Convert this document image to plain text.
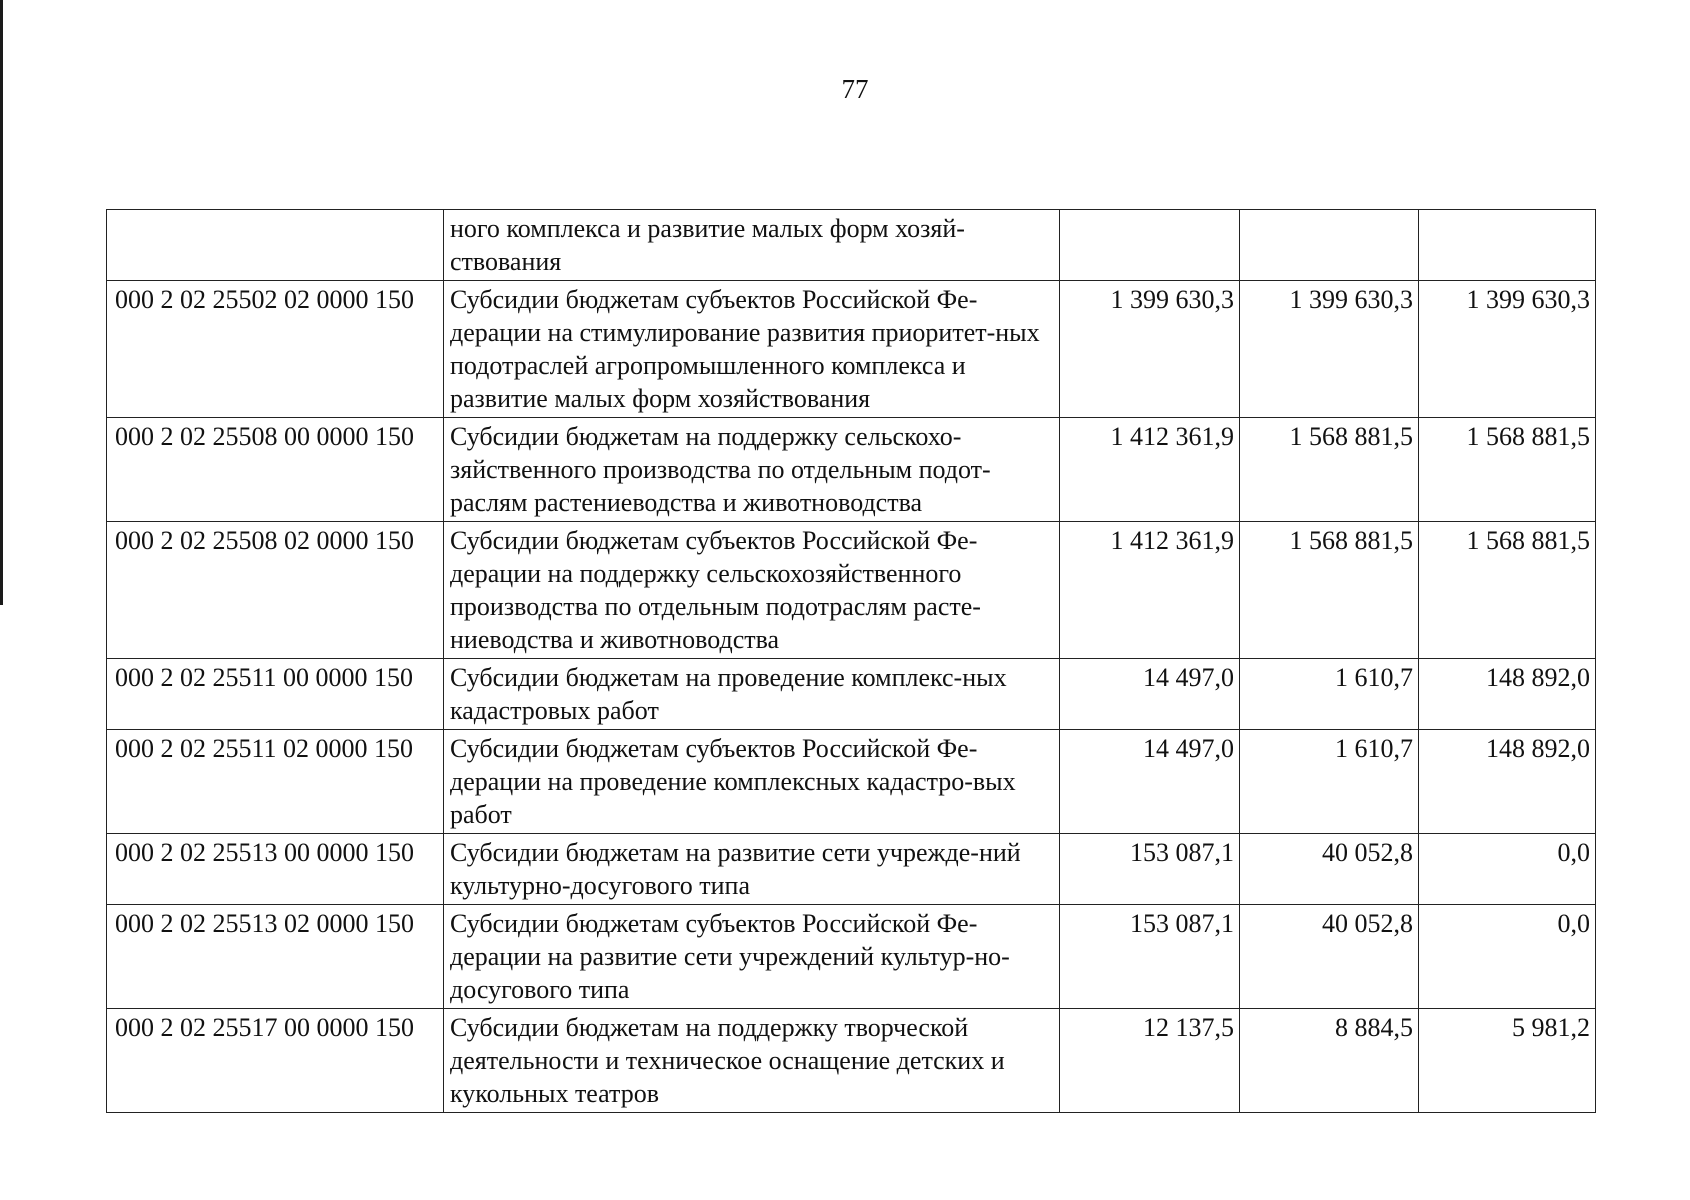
77
	ного комплекса и развитие малых форм хозяй-ствования			
000 2 02 25502 02 0000 150	Субсидии бюджетам субъектов Российской Фе-дерации на стимулирование развития приоритет-ных подотраслей агропромышленного комплекса и развитие малых форм хозяйствования	1 399 630,3	1 399 630,3	1 399 630,3
000 2 02 25508 00 0000 150	Субсидии бюджетам на поддержку сельскохо-зяйственного производства по отдельным подот-раслям растениеводства и животноводства	1 412 361,9	1 568 881,5	1 568 881,5
000 2 02 25508 02 0000 150	Субсидии бюджетам субъектов Российской Фе-дерации на поддержку сельскохозяйственного производства по отдельным подотраслям расте-ниеводства и животноводства	1 412 361,9	1 568 881,5	1 568 881,5
000 2 02 25511 00 0000 150	Субсидии бюджетам на проведение комплекс-ных кадастровых работ	14 497,0	1 610,7	148 892,0
000 2 02 25511 02 0000 150	Субсидии бюджетам субъектов Российской Фе-дерации на проведение комплексных кадастро-вых работ	14 497,0	1 610,7	148 892,0
000 2 02 25513 00 0000 150	Субсидии бюджетам на развитие сети учрежде-ний культурно-досугового типа	153 087,1	40 052,8	0,0
000 2 02 25513 02 0000 150	Субсидии бюджетам субъектов Российской Фе-дерации на развитие сети учреждений культур-но-досугового типа	153 087,1	40 052,8	0,0
000 2 02 25517 00 0000 150	Субсидии бюджетам на поддержку творческой деятельности и техническое оснащение детских и кукольных театров	12 137,5	8 884,5	5 981,2
